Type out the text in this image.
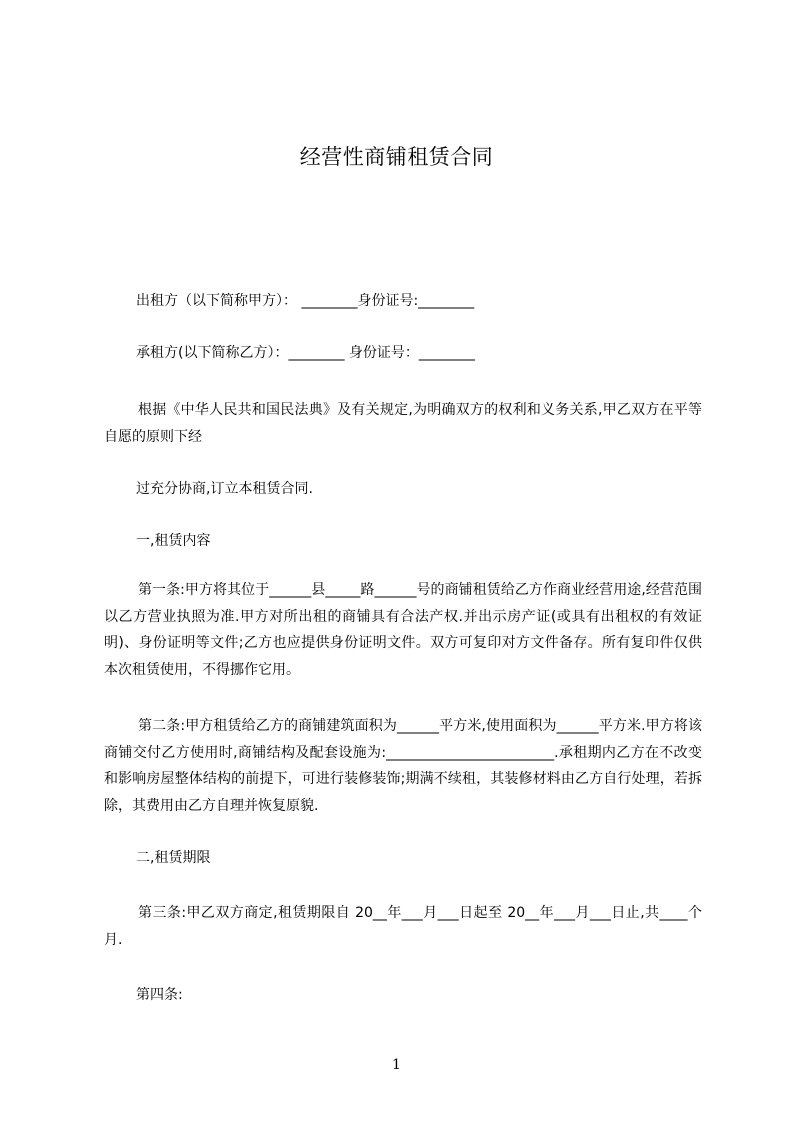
经营性商铺租赁合同
出租方（以下简称甲方）： ________身份证号:________
承租方(以下简称乙方）：________ 身份证号：________
根据《中华人民共和国民法典》及有关规定,为明确双方的权利和义务关系,甲乙双方在平等自愿的原则下经
过充分协商,订立本租赁合同.
一,租赁内容
第一条:甲方将其位于______县_____路______号的商铺租赁给乙方作商业经营用途,经营范围以乙方营业执照为准.甲方对所出租的商铺具有合法产权.并出示房产证(或具有出租权的有效证明)、身份证明等文件;乙方也应提供身份证明文件。双方可复印对方文件备存。所有复印件仅供本次租赁使用，不得挪作它用。
第二条:甲方租赁给乙方的商铺建筑面积为______平方米,使用面积为______平方米.甲方将该商铺交付乙方使用时,商铺结构及配套设施为:________________________.承租期内乙方在不改变和影响房屋整体结构的前提下，可进行装修装饰;期满不续租，其装修材料由乙方自行处理，若拆除，其费用由乙方自理并恢复原貌.
二,租赁期限
第三条:甲乙双方商定,租赁期限自 20__年___月___日起至 20__年___月___日止,共____个月.
第四条:
1
